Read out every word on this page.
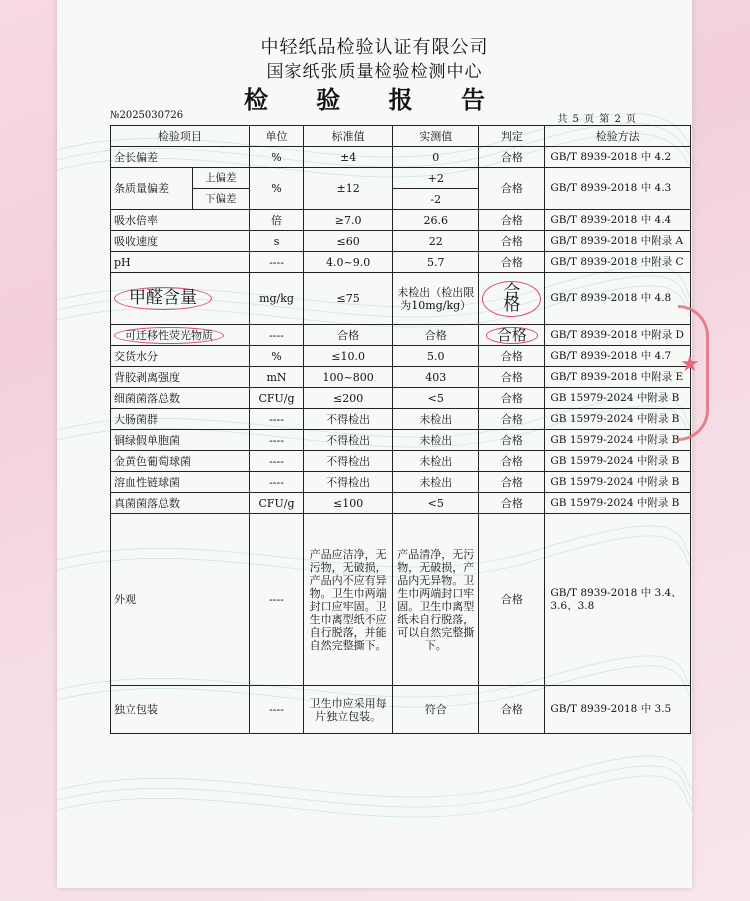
中轻纸品检验认证有限公司
国家纸张质量检验检测中心
检 验 报 告
№2025030726	共 5 页 第 2 页
检验项目		单位	标准值	实测值	判定	检验方法
全长偏差		%	±4	0	合格	GB/T 8939-2018 中 4.2
条质量偏差	上偏差	%	±12	+2	合格	GB/T 8939-2018 中 4.3
	下偏差			-2		
吸水倍率		倍	≥7.0	26.6	合格	GB/T 8939-2018 中 4.4
吸收速度		s	≤60	22	合格	GB/T 8939-2018 中附录 A
pH		----	4.0~9.0	5.7	合格	GB/T 8939-2018 中附录 C
甲醛含量		mg/kg	≤75	未检出（检出限为10mg/kg）	合格	GB/T 8939-2018 中 4.8
可迁移性荧光物质		----	合格	合格	合格	GB/T 8939-2018 中附录 D
交货水分		%	≤10.0	5.0	合格	GB/T 8939-2018 中 4.7
背胶剥离强度		mN	100~800	403	合格	GB/T 8939-2018 中附录 E
细菌菌落总数		CFU/g	≤200	<5	合格	GB 15979-2024 中附录 B
大肠菌群		----	不得检出	未检出	合格	GB 15979-2024 中附录 B
铜绿假单胞菌		----	不得检出	未检出	合格	GB 15979-2024 中附录 B
金黄色葡萄球菌		----	不得检出	未检出	合格	GB 15979-2024 中附录 B
溶血性链球菌		----	不得检出	未检出	合格	GB 15979-2024 中附录 B
真菌菌落总数		CFU/g	≤100	<5	合格	GB 15979-2024 中附录 B
外观		----	产品应洁净，无污物，无破损，产品内不应有异物。卫生巾两端封口应牢固。卫生巾离型纸不应自行脱落，并能自然完整撕下。	产品清净，无污物，无破损，产品内无异物。卫生巾两端封口牢固。卫生巾离型纸未自行脱落，可以自然完整撕下。	合格	GB/T 8939-2018 中 3.4、3.6、3.8
独立包装		----	卫生巾应采用每片独立包装。	符合	合格	GB/T 8939-2018 中 3.5
★
